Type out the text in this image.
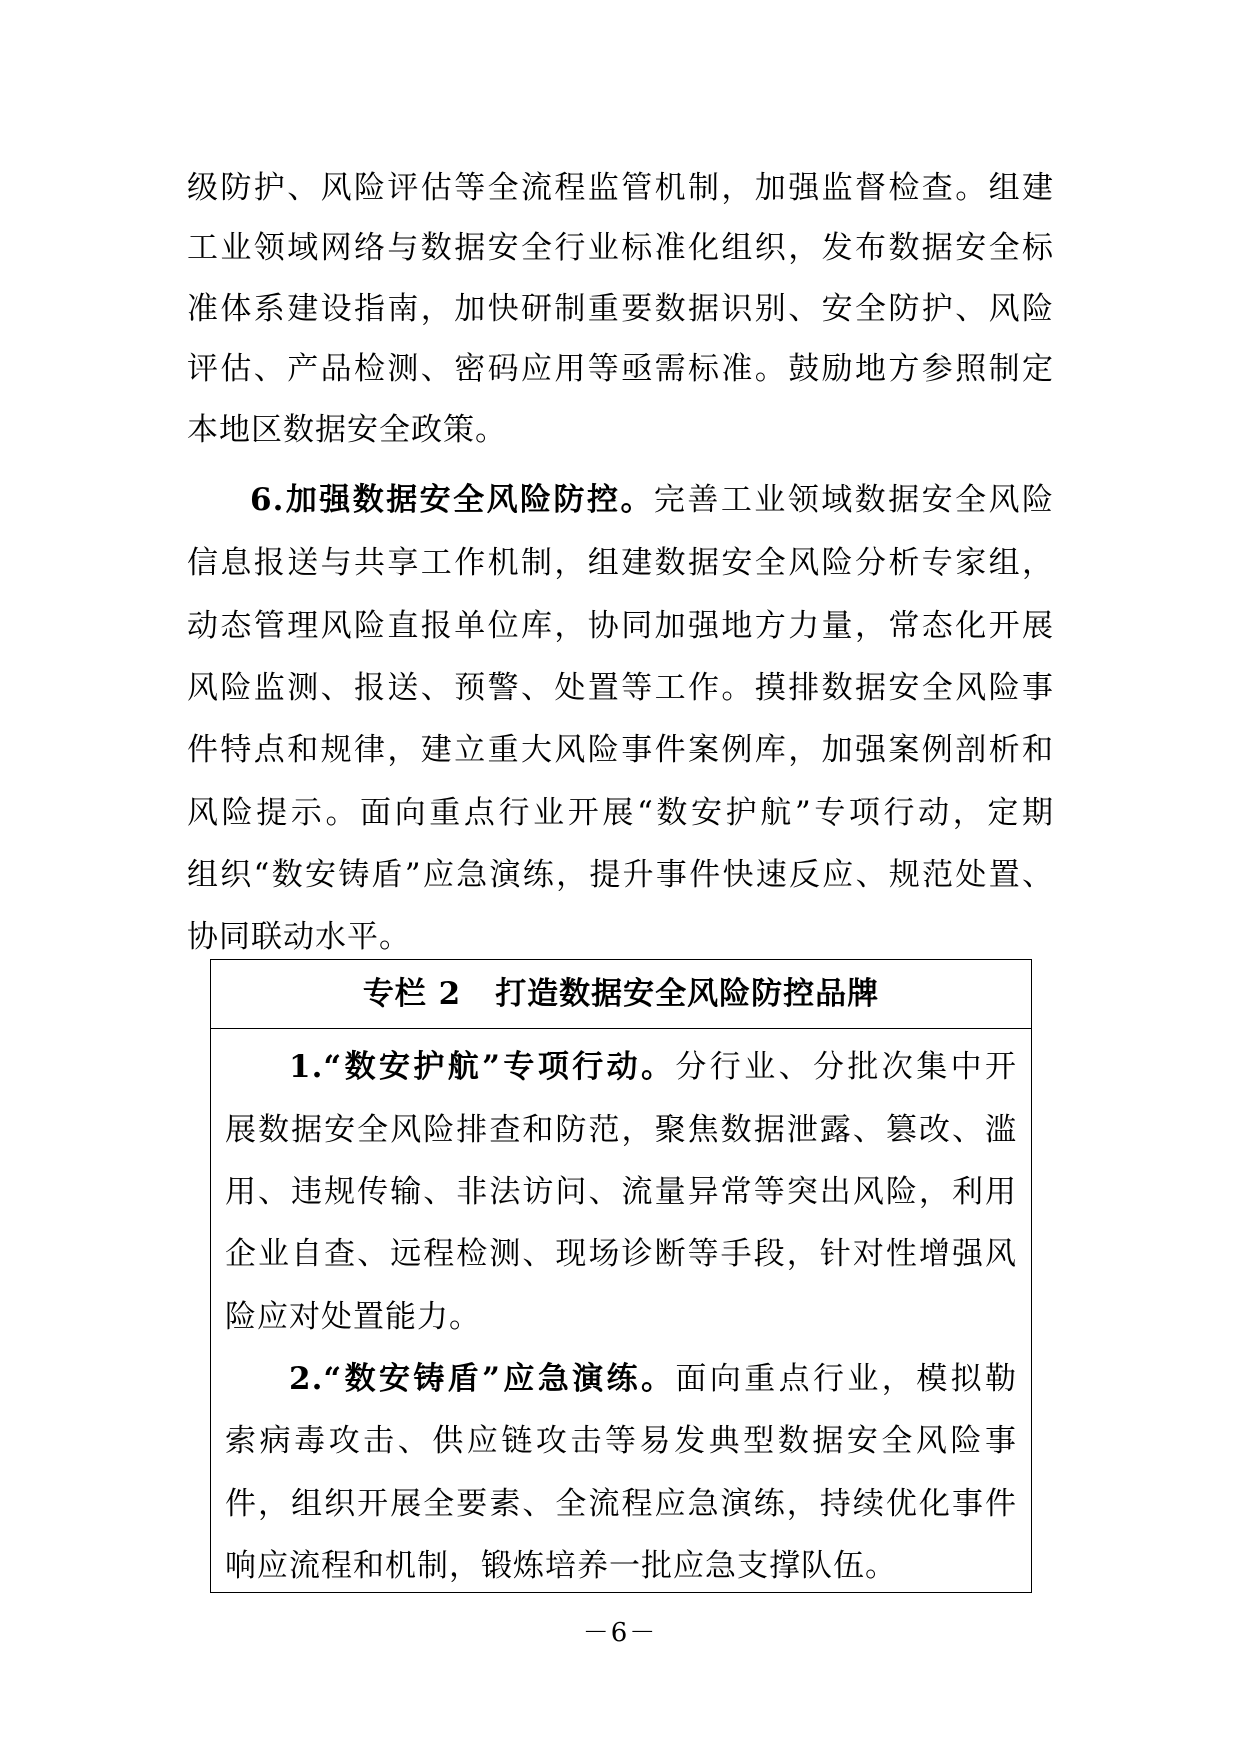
级防护、风险评估等全流程监管机制，加强监督检查。组建
工业领域网络与数据安全行业标准化组织，发布数据安全标
准体系建设指南，加快研制重要数据识别、安全防护、风险
评估、产品检测、密码应用等亟需标准。鼓励地方参照制定
本地区数据安全政策。
6.加强数据安全风险防控。完善工业领域数据安全风险
信息报送与共享工作机制，组建数据安全风险分析专家组，
动态管理风险直报单位库，协同加强地方力量，常态化开展
风险监测、报送、预警、处置等工作。摸排数据安全风险事
件特点和规律，建立重大风险事件案例库，加强案例剖析和
风险提示。面向重点行业开展“数安护航”专项行动，定期
组织“数安铸盾”应急演练，提升事件快速反应、规范处置、
协同联动水平。
专栏 2 打造数据安全风险防控品牌
1.“数安护航”专项行动。分行业、分批次集中开
展数据安全风险排查和防范，聚焦数据泄露、篡改、滥
用、违规传输、非法访问、流量异常等突出风险，利用
企业自查、远程检测、现场诊断等手段，针对性增强风
险应对处置能力。
2.“数安铸盾”应急演练。面向重点行业，模拟勒
索病毒攻击、供应链攻击等易发典型数据安全风险事
件，组织开展全要素、全流程应急演练，持续优化事件
响应流程和机制，锻炼培养一批应急支撑队伍。
－6－
